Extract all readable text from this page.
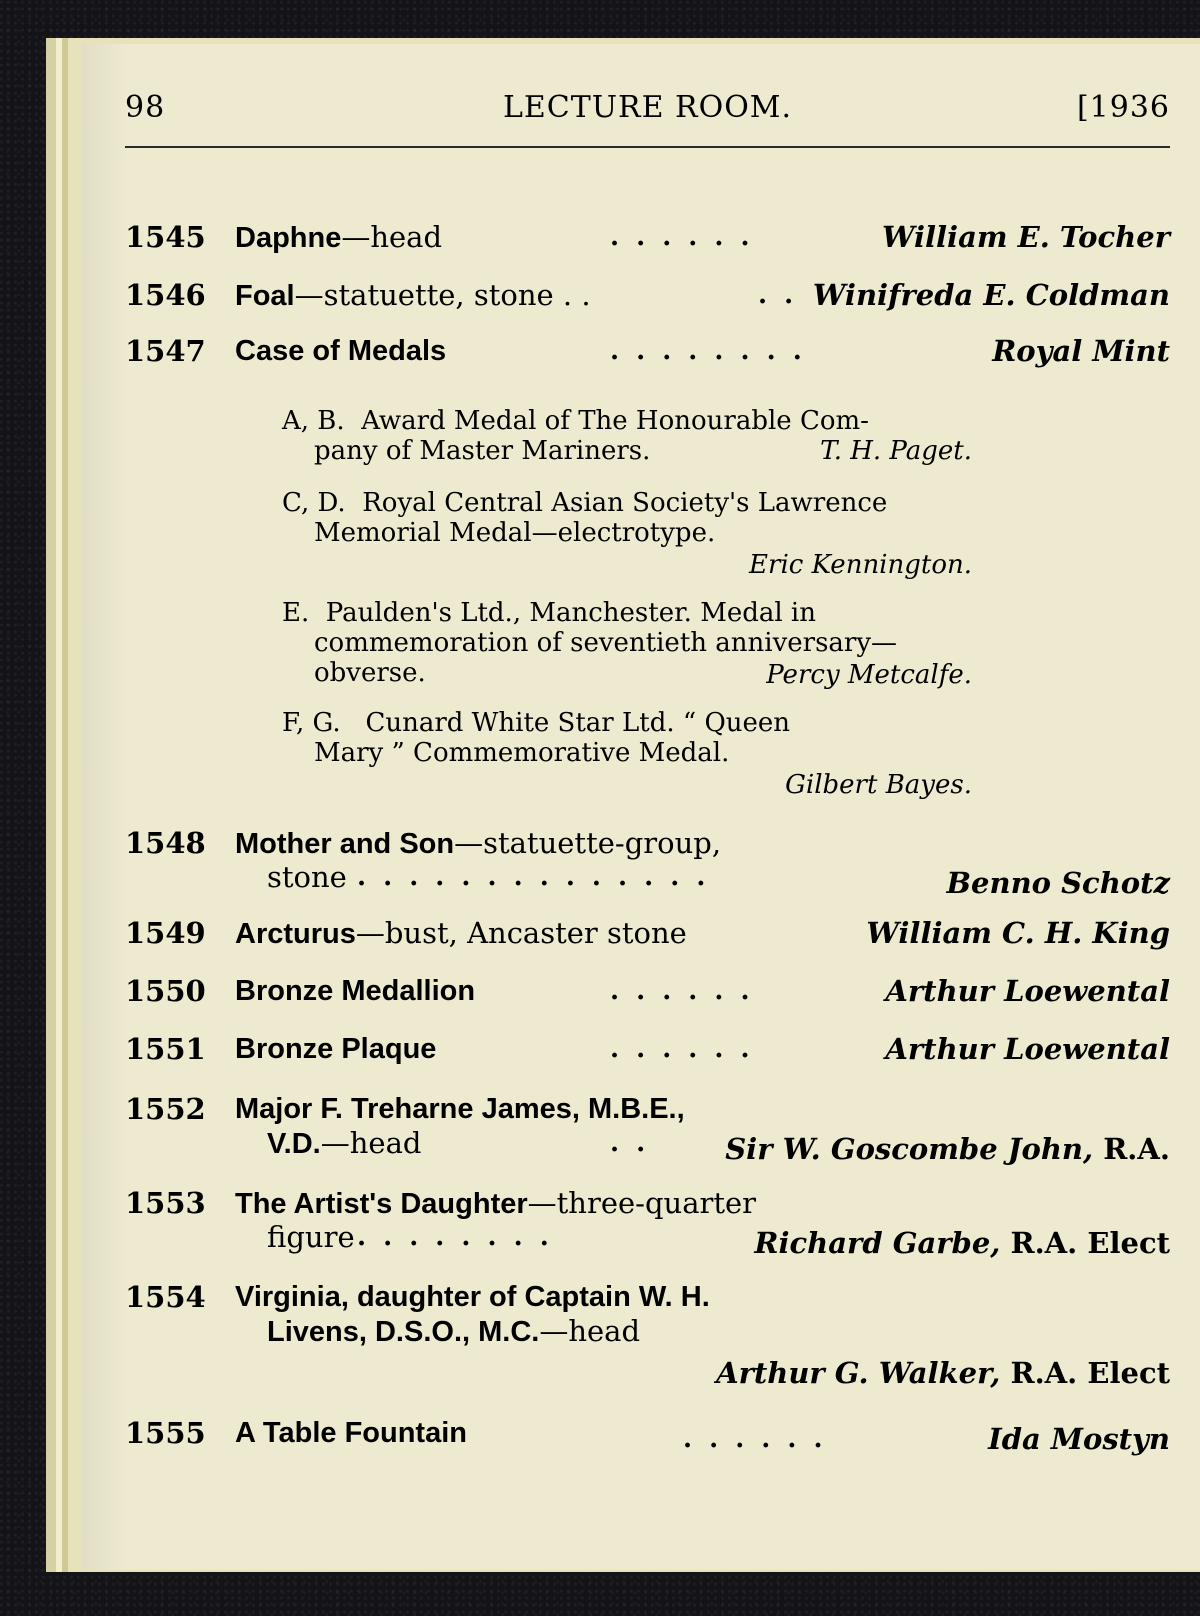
98	LECTURE ROOM.	[1936
1545 Daphne—head	. . . . . .	William E. Tocher
1546 Foal—statuette, stone . .	. . Winifreda E. Coldman
1547 Case of Medals	. . . . . . . .	Royal Mint
A, B. Award Medal of The Honourable Com-
pany of Master Mariners.	T. H. Paget.
C, D. Royal Central Asian Society's Lawrence
Memorial Medal—electrotype.
Eric Kennington.
E. Paulden's Ltd., Manchester. Medal in
commemoration of seventieth anniversary—
obverse.	Percy Metcalfe.
F, G. Cunard White Star Ltd. “ Queen
Mary ” Commemorative Medal.
Gilbert Bayes.
1548 Mother and Son—statuette-group,
stone . . . . . . . . . . . . . .	Benno Schotz
1549 Arcturus—bust, Ancaster stone	William C. H. King
1550 Bronze Medallion	. . . . . .	Arthur Loewental
1551 Bronze Plaque	. . . . . .	Arthur Loewental
1552 Major F. Treharne James, M.B.E.,
V.D.—head	. .	Sir W. Goscombe John, R.A.
1553 The Artist's Daughter—three-quarter
figure . . . . . . . .	Richard Garbe, R.A. Elect
1554 Virginia, daughter of Captain W. H.
Livens, D.S.O., M.C.—head
Arthur G. Walker, R.A. Elect
1555 A Table Fountain	. . . . . .	Ida Mostyn
